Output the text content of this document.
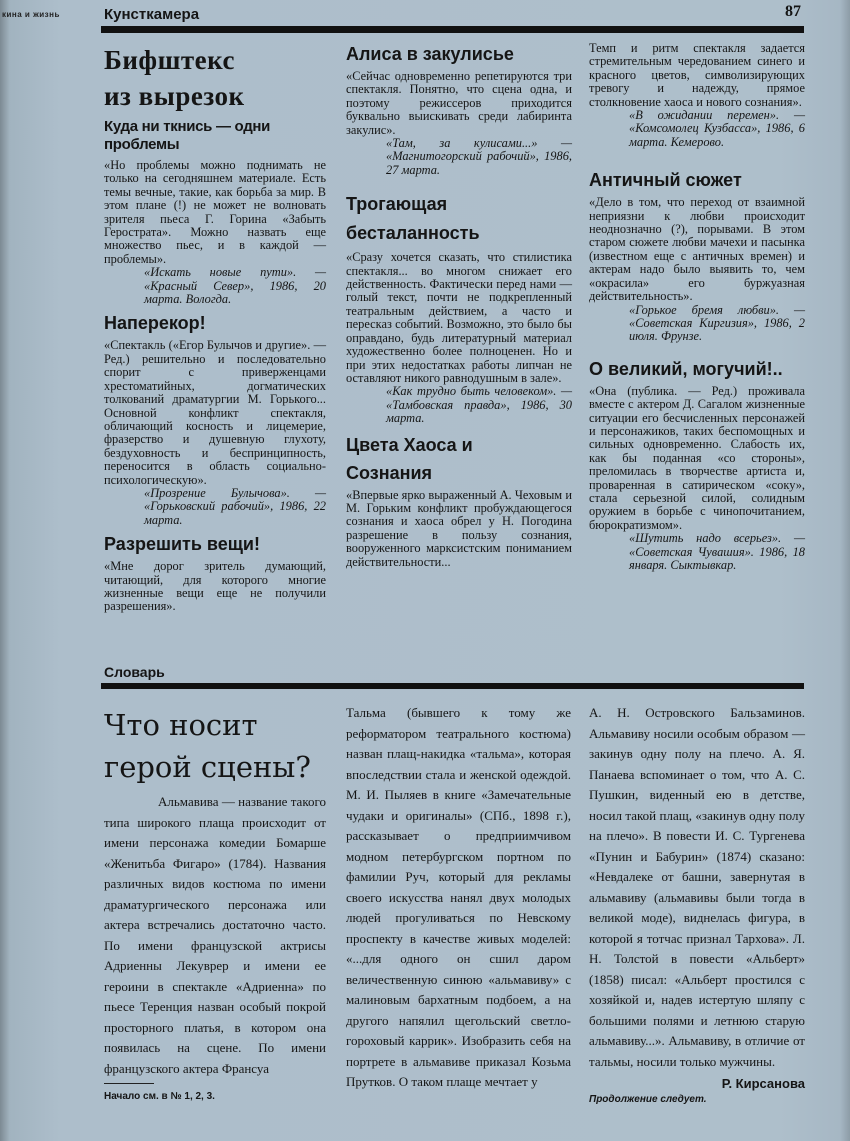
кина и жизнь	Кунсткамера	87
Бифштекс
из вырезок
Куда ни ткнись — одни проблемы

«Но проблемы можно поднимать не только на сегодняшнем материале. Есть темы вечные, такие, как борьба за мир. В этом плане (!) не может не волновать зрителя пьеса Г. Горина «Забыть Герострата». Можно назвать еще множество пьес, и в каждой — проблемы».

«Искать новые пути». — «Красный Север», 1986, 20 марта. Вологда.

Наперекор!

«Спектакль («Егор Булычов и другие». — Ред.) решительно и последовательно спорит с приверженцами хрестоматийных, догматических толкований драматургии М. Горького... Основной конфликт спектакля, обличающий косность и лицемерие, фразерство и душевную глухоту, бездуховность и беспринципность, переносится в область социально-психологическую».

«Прозрение Булычова». — «Горьковский рабочий», 1986, 22 марта.

Разрешить вещи!

«Мне дорог зритель думающий, читающий, для которого многие жизненные вещи еще не получили разрешения».

Алиса в закулисье

«Сейчас одновременно репетируются три спектакля. Понятно, что сцена одна, и поэтому режиссеров приходится буквально выискивать среди лабиринта закулис».

«Там, за кулисами...» — «Магнитогорский рабочий», 1986, 27 марта.

Трогающая
бесталанность

«Сразу хочется сказать, что стилистика спектакля... во многом снижает его действенность. Фактически перед нами — голый текст, почти не подкрепленный театральным действием, а часто и пересказ событий. Возможно, это было бы оправдано, будь литературный материал художественно более полноценен. Но и при этих недостатках работы липчан не оставляют никого равнодушным в зале».

«Как трудно быть человеком». — «Тамбовская правда», 1986, 30 марта.

Цвета Хаоса и
Сознания

«Впервые ярко выраженный А. Чеховым и М. Горьким конфликт пробуждающегося сознания и хаоса обрел у Н. Погодина разрешение в пользу сознания, вооруженного марксистским пониманием действительности...

Темп и ритм спектакля задается стремительным чередованием синего и красного цветов, символизирующих тревогу и надежду, прямое столкновение хаоса и нового сознания».

«В ожидании перемен». — «Комсомолец Кузбасса», 1986, 6 марта. Кемерово.

Античный сюжет

«Дело в том, что переход от взаимной неприязни к любви происходит неоднозначно (?), порывами. В этом старом сюжете любви мачехи и пасынка (известном еще с античных времен) и актерам надо было выявить то, чем «окрасила» его буржуазная действительность».

«Горькое бремя любви». — «Советская Киргизия», 1986, 2 июля. Фрунзе.

О великий, могучий!..

«Она (публика. — Ред.) проживала вместе с актером Д. Сагалом жизненные ситуации его бесчисленных персонажей и персонажиков, таких беспомощных и сильных одновременно. Слабость их, как бы поданная «со стороны», преломилась в творчестве артиста и, проваренная в сатирическом «соку», стала серьезной силой, солидным оружием в борьбе с чинопочитанием, бюрократизмом».

«Шутить надо всерьез». — «Советская Чувашия». 1986, 18 января. Сыктывкар.

Словарь
Что носит
герой сцены?
Альмавива — название такого типа широкого плаща происходит от имени персонажа комедии Бомарше «Женитьба Фигаро» (1784). Названия различных видов костюма по имени драматургического персонажа или актера встречались достаточно часто. По имени французской актрисы Адриенны Лекуврер и имени ее героини в спектакле «Адриенна» по пьесе Теренция назван особый покрой просторного платья, в котором она появилась на сцене. По имени французского актера Франсуа
Начало см. в № 1, 2, 3.
Тальма (бывшего к тому же реформатором театрального костюма) назван плащ-накидка «тальма», которая впоследствии стала и женской одеждой. М. И. Пыляев в книге «Замечательные чудаки и оригиналы» (СПб., 1898 г.), рассказывает о предприимчивом модном петербургском портном по фамилии Руч, который для рекламы своего искусства нанял двух молодых людей прогуливаться по Невскому проспекту в качестве живых моделей: «...для одного он сшил даром величественную синюю «альмавиву» с малиновым бархатным подбоем, а на другого напялил щегольский светло-гороховый каррик». Изобразить себя на портрете в альмавиве приказал Козьма Прутков. О таком плаще мечтает у
А. Н. Островского Бальзаминов. Альмавиву носили особым образом — закинув одну полу на плечо. А. Я. Панаева вспоминает о том, что А. С. Пушкин, виденный ею в детстве, носил такой плащ, «закинув одну полу на плечо». В повести И. С. Тургенева «Пунин и Бабурин» (1874) сказано: «Невдалеке от башни, завернутая в альмавиву (альмавивы были тогда в великой моде), виднелась фигура, в которой я тотчас признал Тархова». Л. Н. Толстой в повести «Альберт» (1858) писал: «Альберт простился с хозяйкой и, надев истертую шляпу с большими полями и летнюю старую альмавиву...». Альмавиву, в отличие от тальмы, носили только мужчины.
Р. Кирсанова
Продолжение следует.
